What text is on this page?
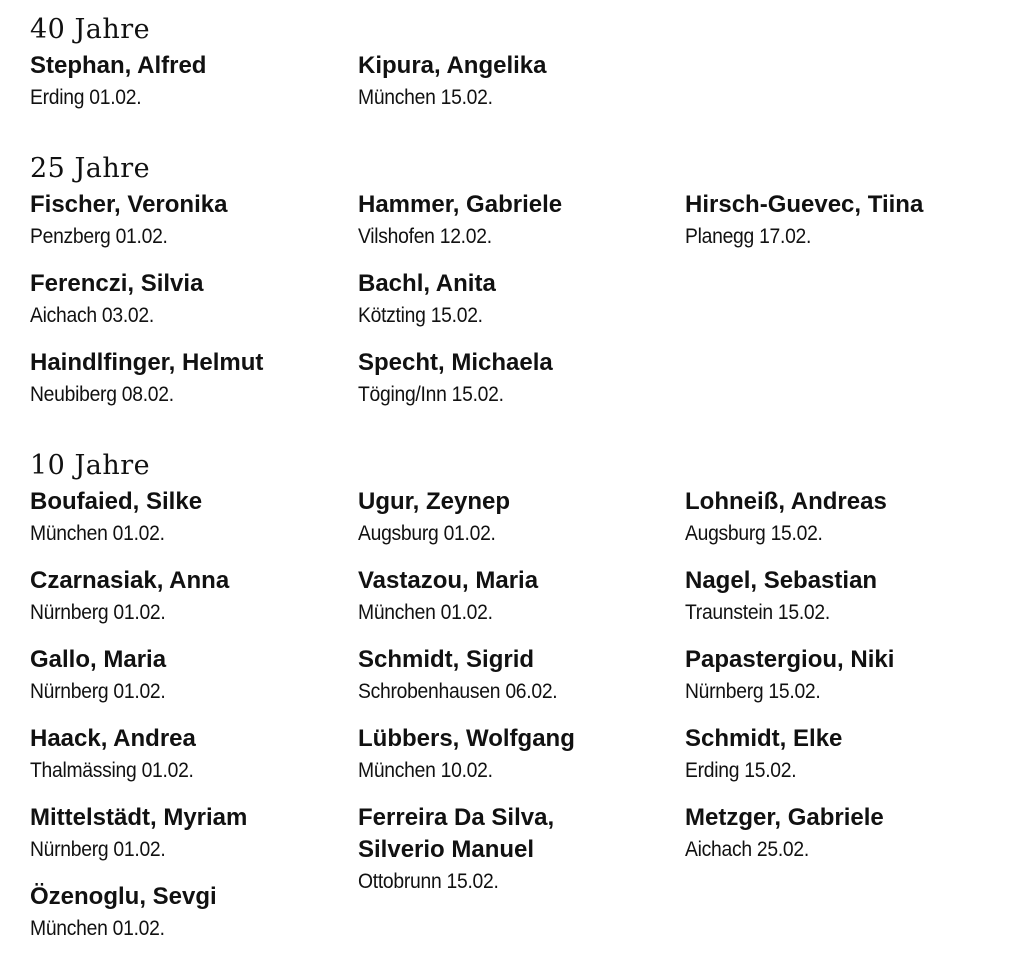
40 Jahre
Stephan, Alfred
Erding 01.02.
Kipura, Angelika
München 15.02.
25 Jahre
Fischer, Veronika
Penzberg 01.02.
Ferenczi, Silvia
Aichach 03.02.
Haindlfinger, Helmut
Neubiberg 08.02.
Hammer, Gabriele
Vilshofen 12.02.
Bachl, Anita
Kötzting 15.02.
Specht, Michaela
Töging/Inn 15.02.
Hirsch-Guevec, Tiina
Planegg 17.02.
10 Jahre
Boufaied, Silke
München 01.02.
Czarnasiak, Anna
Nürnberg 01.02.
Gallo, Maria
Nürnberg 01.02.
Haack, Andrea
Thalmässing 01.02.
Mittelstädt, Myriam
Nürnberg 01.02.
Özenoglu, Sevgi
München 01.02.
Ugur, Zeynep
Augsburg 01.02.
Vastazou, Maria
München 01.02.
Schmidt, Sigrid
Schrobenhausen 06.02.
Lübbers, Wolfgang
München 10.02.
Ferreira Da Silva,
Silverio Manuel
Ottobrunn 15.02.
Lohneiß, Andreas
Augsburg 15.02.
Nagel, Sebastian
Traunstein 15.02.
Papastergiou, Niki
Nürnberg 15.02.
Schmidt, Elke
Erding 15.02.
Metzger, Gabriele
Aichach 25.02.
